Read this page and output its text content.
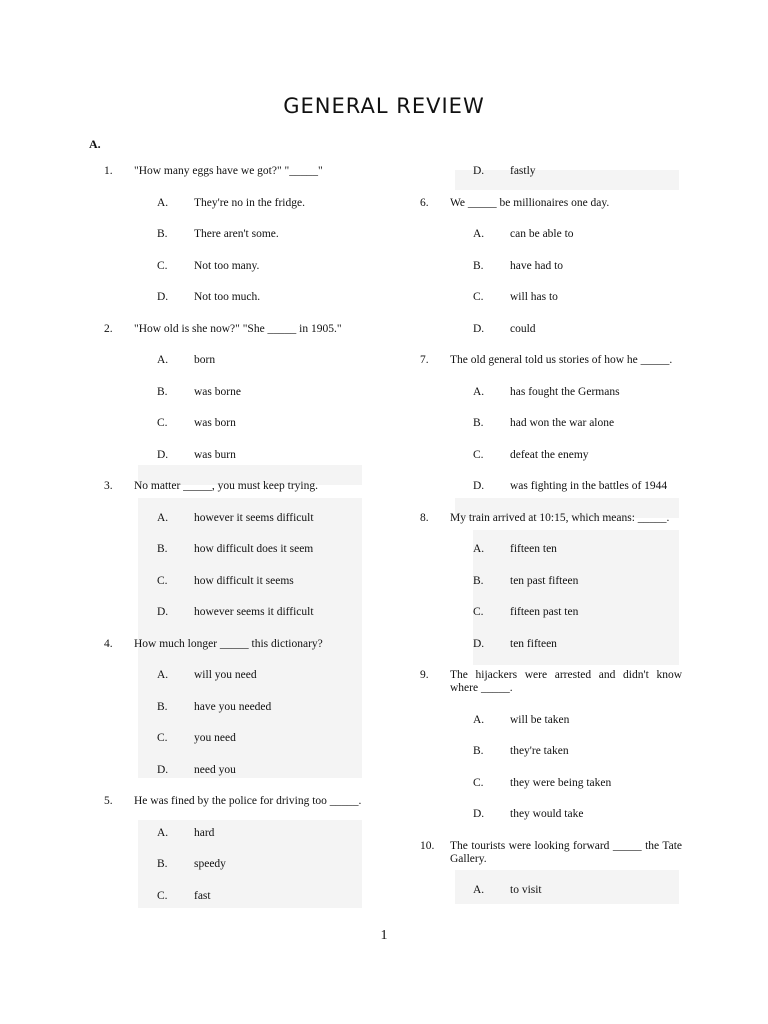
GENERAL REVIEW
A.
1.	"How many eggs have we got?" "_____"
A.	They're no in the fridge.
B.	There aren't some.
C.	Not too many.
D.	Not too much.
2.	"How old is she now?" "She _____ in 1905."
A.	born
B.	was borne
C.	was born
D.	was burn
3.	No matter _____, you must keep trying.
A.	however it seems difficult
B.	how difficult does it seem
C.	how difficult it seems
D.	however seems it difficult
4.	How much longer _____ this dictionary?
A.	will you need
B.	have you needed
C.	you need
D.	need you
5.	He was fined by the police for driving too _____.
A.	hard
B.	speedy
C.	fast
D.	fastly
6.	We _____ be millionaires one day.
A.	can be able to
B.	have had to
C.	will has to
D.	could
7.	The old general told us stories of how he _____.
A.	has fought the Germans
B.	had won the war alone
C.	defeat the enemy
D.	was fighting in the battles of 1944
8.	My train arrived at 10:15, which means: _____.
A.	fifteen ten
B.	ten past fifteen
C.	fifteen past ten
D.	ten fifteen
9.	The hijackers were arrested and didn't know where _____.
A.	will be taken
B.	they're taken
C.	they were being taken
D.	they would take
10.	The tourists were looking forward _____ the Tate Gallery.
A.	to visit
1
